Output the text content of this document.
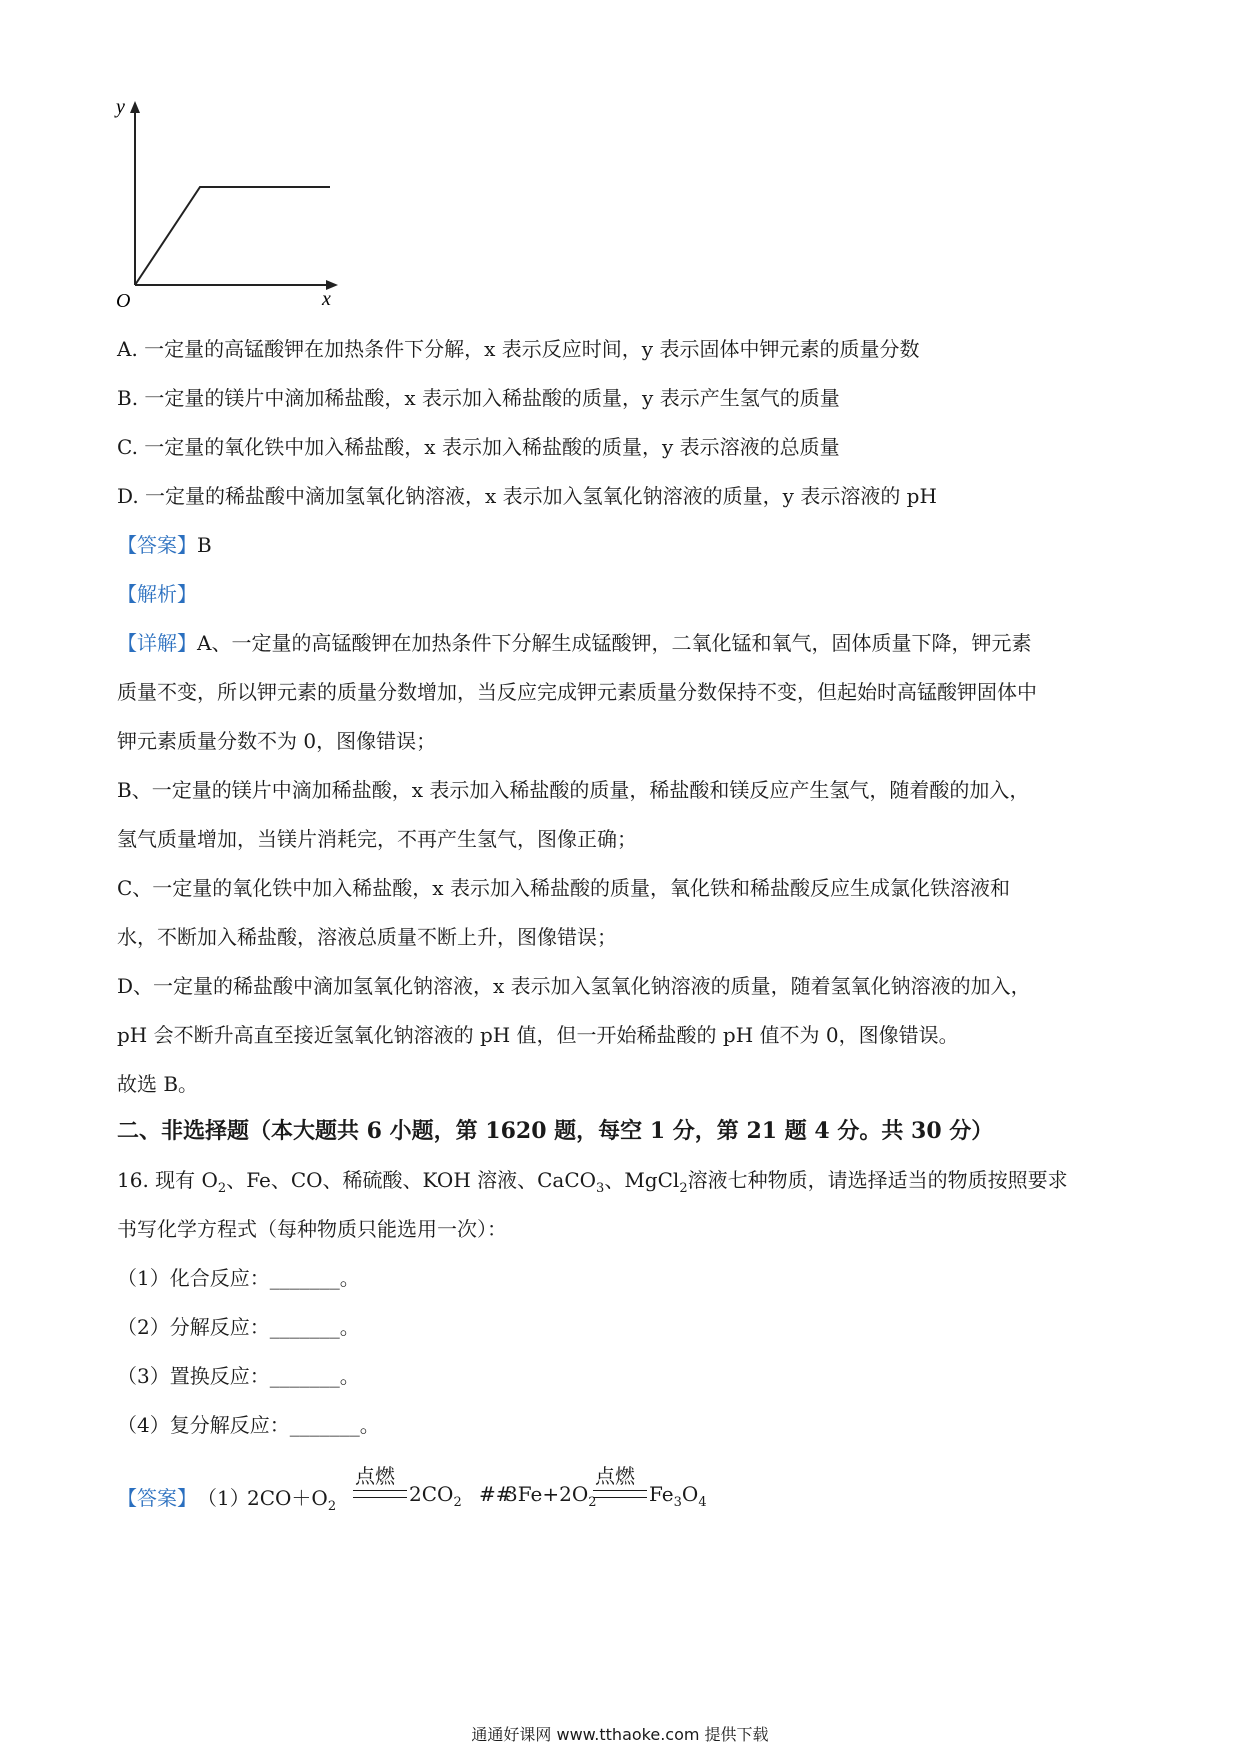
y
x
O
A. 一定量的高锰酸钾在加热条件下分解，x 表示反应时间，y 表示固体中钾元素的质量分数
B. 一定量的镁片中滴加稀盐酸，x 表示加入稀盐酸的质量，y 表示产生氢气的质量
C. 一定量的氧化铁中加入稀盐酸，x 表示加入稀盐酸的质量，y 表示溶液的总质量
D. 一定量的稀盐酸中滴加氢氧化钠溶液，x 表示加入氢氧化钠溶液的质量，y 表示溶液的 pH
【答案】B
【解析】
【详解】A、一定量的高锰酸钾在加热条件下分解生成锰酸钾，二氧化锰和氧气，固体质量下降，钾元素
质量不变，所以钾元素的质量分数增加，当反应完成钾元素质量分数保持不变，但起始时高锰酸钾固体中
钾元素质量分数不为 0，图像错误；
B、一定量的镁片中滴加稀盐酸，x 表示加入稀盐酸的质量，稀盐酸和镁反应产生氢气，随着酸的加入，
氢气质量增加，当镁片消耗完，不再产生氢气，图像正确；
C、一定量的氧化铁中加入稀盐酸，x 表示加入稀盐酸的质量，氧化铁和稀盐酸反应生成氯化铁溶液和
水，不断加入稀盐酸，溶液总质量不断上升，图像错误；
D、一定量的稀盐酸中滴加氢氧化钠溶液，x 表示加入氢氧化钠溶液的质量，随着氢氧化钠溶液的加入，
pH 会不断升高直至接近氢氧化钠溶液的 pH 值，但一开始稀盐酸的 pH 值不为 0，图像错误。
故选 B。
二、非选择题（本大题共 6 小题，第 1620 题，每空 1 分，第 21 题 4 分。共 30 分）
16. 现有 $O_2$、Fe、CO、稀硫酸、KOH 溶液、CaCO$_3$、MgCl$_2$溶液七种物质，请选择适当的物质按照要求
书写化学方程式（每种物质只能选用一次）：
（1）化合反应：_______。
（2）分解反应：_______。
（3）置换反应：_______。
（4）复分解反应：_______。
【答案】 （1）
$2CO+O_2$
点燃
$2CO_2$ ##
$3Fe+2O_2$
点燃
$Fe_3O_4$
通通好课网 www.tthaoke.com 提供下载
